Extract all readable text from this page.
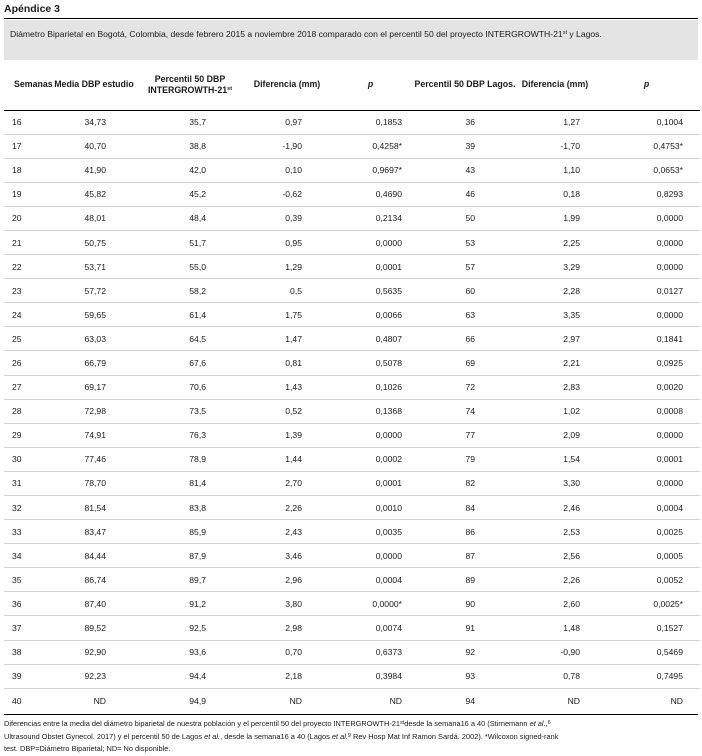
Apéndice 3
Diámetro Biparietal en Bogotá, Colombia, desde febrero 2015 a noviembre 2018 comparado con el percentil 50 del proyecto INTERGROWTH-21st y Lagos.
Semanas	Media DBP estudio	Percentil 50 DBP
INTERGROWTH-21st	Diferencia (mm)	p	Percentil 50 DBP Lagos.	Diferencia (mm)	p
16	34,73	35,7	0,97	0,1853	36	1,27	0,1004
17	40,70	38,8	-1,90	0,4258*	39	-1,70	0,4753*
18	41,90	42,0	0,10	0,9697*	43	1,10	0,0653*
19	45,82	45,2	-0,62	0,4690	46	0,18	0,8293
20	48,01	48,4	0,39	0,2134	50	1,99	0,0000
21	50,75	51,7	0,95	0,0000	53	2,25	0,0000
22	53,71	55,0	1,29	0,0001	57	3,29	0,0000
23	57,72	58,2	0,5	0,5635	60	2,28	0,0127
24	59,65	61,4	1,75	0,0066	63	3,35	0,0000
25	63,03	64,5	1,47	0,4807	66	2,97	0,1841
26	66,79	67,6	0,81	0,5078	69	2,21	0,0925
27	69,17	70,6	1,43	0,1026	72	2,83	0,0020
28	72,98	73,5	0,52	0,1368	74	1,02	0,0008
29	74,91	76,3	1,39	0,0000	77	2,09	0,0000
30	77,46	78,9	1,44	0,0002	79	1,54	0,0001
31	78,70	81,4	2,70	0,0001	82	3,30	0,0000
32	81,54	83,8	2,26	0,0010	84	2,46	0,0004
33	83,47	85,9	2,43	0,0035	86	2,53	0,0025
34	84,44	87,9	3,46	0,0000	87	2,56	0,0005
35	86,74	89,7	2,96	0,0004	89	2,26	0,0052
36	87,40	91,2	3,80	0,0000*	90	2,60	0,0025*
37	89,52	92,5	2,98	0,0074	91	1,48	0,1527
38	92,90	93,6	0,70	0,6373	92	-0,90	0,5469
39	92,23	94,4	2,18	0,3984	93	0,78	0,7495
40	ND	94,9	ND	ND	94	ND	ND
Diferencias entre la media del diámetro biparietal de nuestra población y el percentil 50 del proyecto INTERGROWTH-21stdesde la semana16 a 40 (Stirnemann et al.,$^6$
Ultrasound Obstet Gynecol. 2017) y el percentil 50 de Lagos et al., desde la semana16 a 40 (Lagos et al.$^9$ Rev Hosp Mat Inf Ramon Sardá. 2002). *Wilcoxon signed-rank
test. DBP=Diámetro Biparietal; ND= No disponible.
